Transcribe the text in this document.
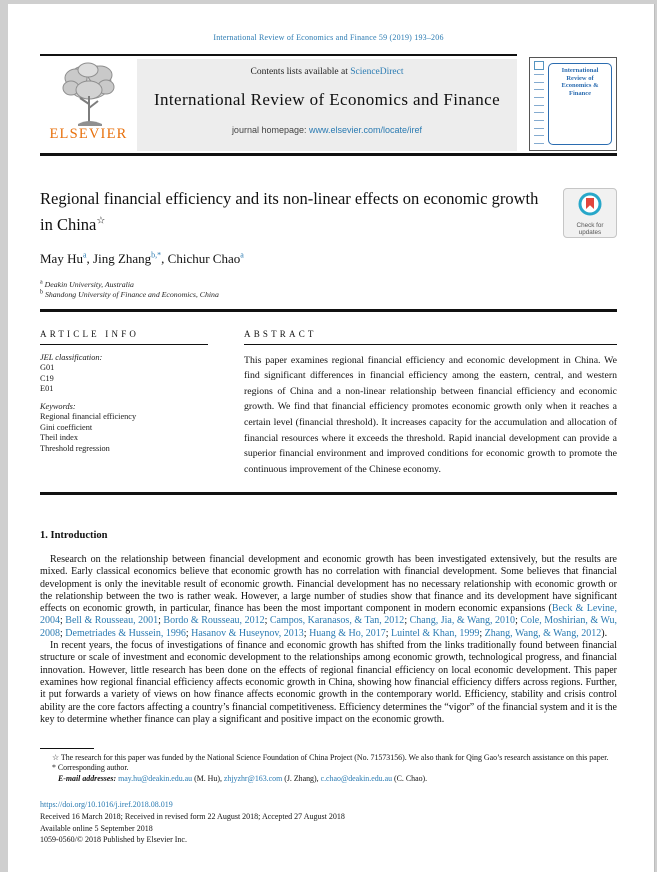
International Review of Economics and Finance 59 (2019) 193–206
ELSEVIER
Contents lists available at ScienceDirect
International Review of Economics and Finance
journal homepage: www.elsevier.com/locate/iref
International Review of Economics & Finance
Regional financial efficiency and its non-linear effects on economic growth in China☆	Check for
updates
May Hu$^a$, Jing Zhang$^{b,*}$, Chichur Chao$^a$
$^a$ Deakin University, Australia
$^b$ Shandong University of Finance and Economics, China
ARTICLE INFO
JEL classification:
G01
C19
E01
Keywords:
Regional financial efficiency
Gini coefficient
Theil index
Threshold regression
ABSTRACT
This paper examines regional financial efficiency and economic development in China. We find significant differences in financial efficiency among the eastern, central, and western regions of China and a non-linear relationship between financial efficiency and economic growth. We find that financial efficiency promotes economic growth only when it reaches a certain level (financial threshold). It increases capacity for the accumulation and allocation of financial resources where it exceeds the threshold. Rapid inancial development can provide a superior financial environment and improved conditions for economic growth to promote the continuous improvement of the Chinese economy.
1. Introduction

Research on the relationship between financial development and economic growth has been investigated extensively, but the results are mixed. Early classical economics believe that economic growth has no correlation with financial development. Some believes that financial development is only the inevitable result of economic growth. Financial development has no necessary relationship with economic growth or the relationship between the two is rather weak. However, a large number of studies show that finance and its development have significant effects on economic growth, in particular, finance has been the most important component in modern economic expansions (Beck & Levine, 2004; Bell & Rousseau, 2001; Bordo & Rousseau, 2012; Campos, Karanasos, & Tan, 2012; Chang, Jia, & Wang, 2010; Cole, Moshirian, & Wu, 2008; Demetriades & Hussein, 1996; Hasanov & Huseynov, 2013; Huang & Ho, 2017; Luintel & Khan, 1999; Zhang, Wang, & Wang, 2012).

In recent years, the focus of investigations of finance and economic growth has shifted from the links traditionally found between financial structure or scale of investment and economic development to the relationships among economic growth, technological progress, and financial innovation. However, little research has been done on the effects of regional financial efficiency on local economic development. This paper examines how regional financial efficiency affects economic growth in China, showing how financial efficiency differs across regions. Further, it put forwards a variety of views on how finance affects economic growth in the contemporary world. Efficiency, stability and crisis control ability are the core factors affecting a country’s financial competitiveness. Efficiency determines the “vigor” of the financial system and it is the key to determine whether finance can play a significant and positive impact on the economic growth.

☆ The research for this paper was funded by the National Science Foundation of China Project (No. 71573156). We also thank for Qing Gao’s research assistance on this paper.

* Corresponding author.

E-mail addresses: may.hu@deakin.edu.au (M. Hu), zhjyzhr@163.com (J. Zhang), c.chao@deakin.edu.au (C. Chao).

https://doi.org/10.1016/j.iref.2018.08.019
Received 16 March 2018; Received in revised form 22 August 2018; Accepted 27 August 2018
Available online 5 September 2018
1059-0560/© 2018 Published by Elsevier Inc.
